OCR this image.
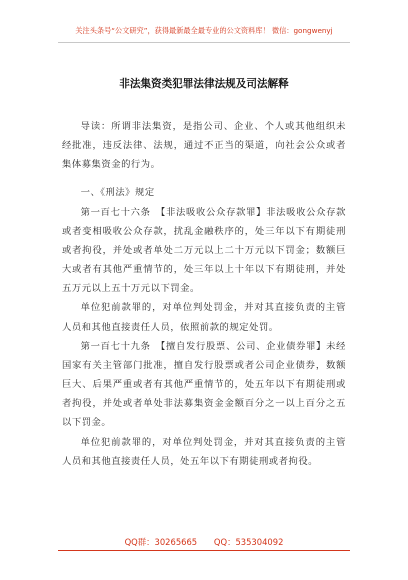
关注头条号“公文研究”，获得最新最全最专业的公文资料库！ 微信：gongwenyj
非法集资类犯罪法律法规及司法解释

导读：所谓非法集资，是指公司、企业、个人或其他组织未经批准，违反法律、法规，通过不正当的渠道，向社会公众或者集体募集资金的行为。

一、《刑法》规定

第一百七十六条　【非法吸收公众存款罪】非法吸收公众存款或者变相吸收公众存款，扰乱金融秩序的，处三年以下有期徒刑或者拘役，并处或者单处二万元以上二十万元以下罚金；数额巨大或者有其他严重情节的，处三年以上十年以下有期徒刑，并处五万元以上五十万元以下罚金。

单位犯前款罪的，对单位判处罚金，并对其直接负责的主管人员和其他直接责任人员，依照前款的规定处罚。

第一百七十九条　【擅自发行股票、公司、企业债券罪】未经国家有关主管部门批准，擅自发行股票或者公司企业债券，数额巨大、后果严重或者有其他严重情节的，处五年以下有期徒刑或者拘役，并处或者单处非法募集资金金额百分之一以上百分之五以下罚金。

单位犯前款罪的，对单位判处罚金，并对其直接负责的主管人员和其他直接责任人员，处五年以下有期徒刑或者拘役。

QQ群：30265665　　QQ：535304092
